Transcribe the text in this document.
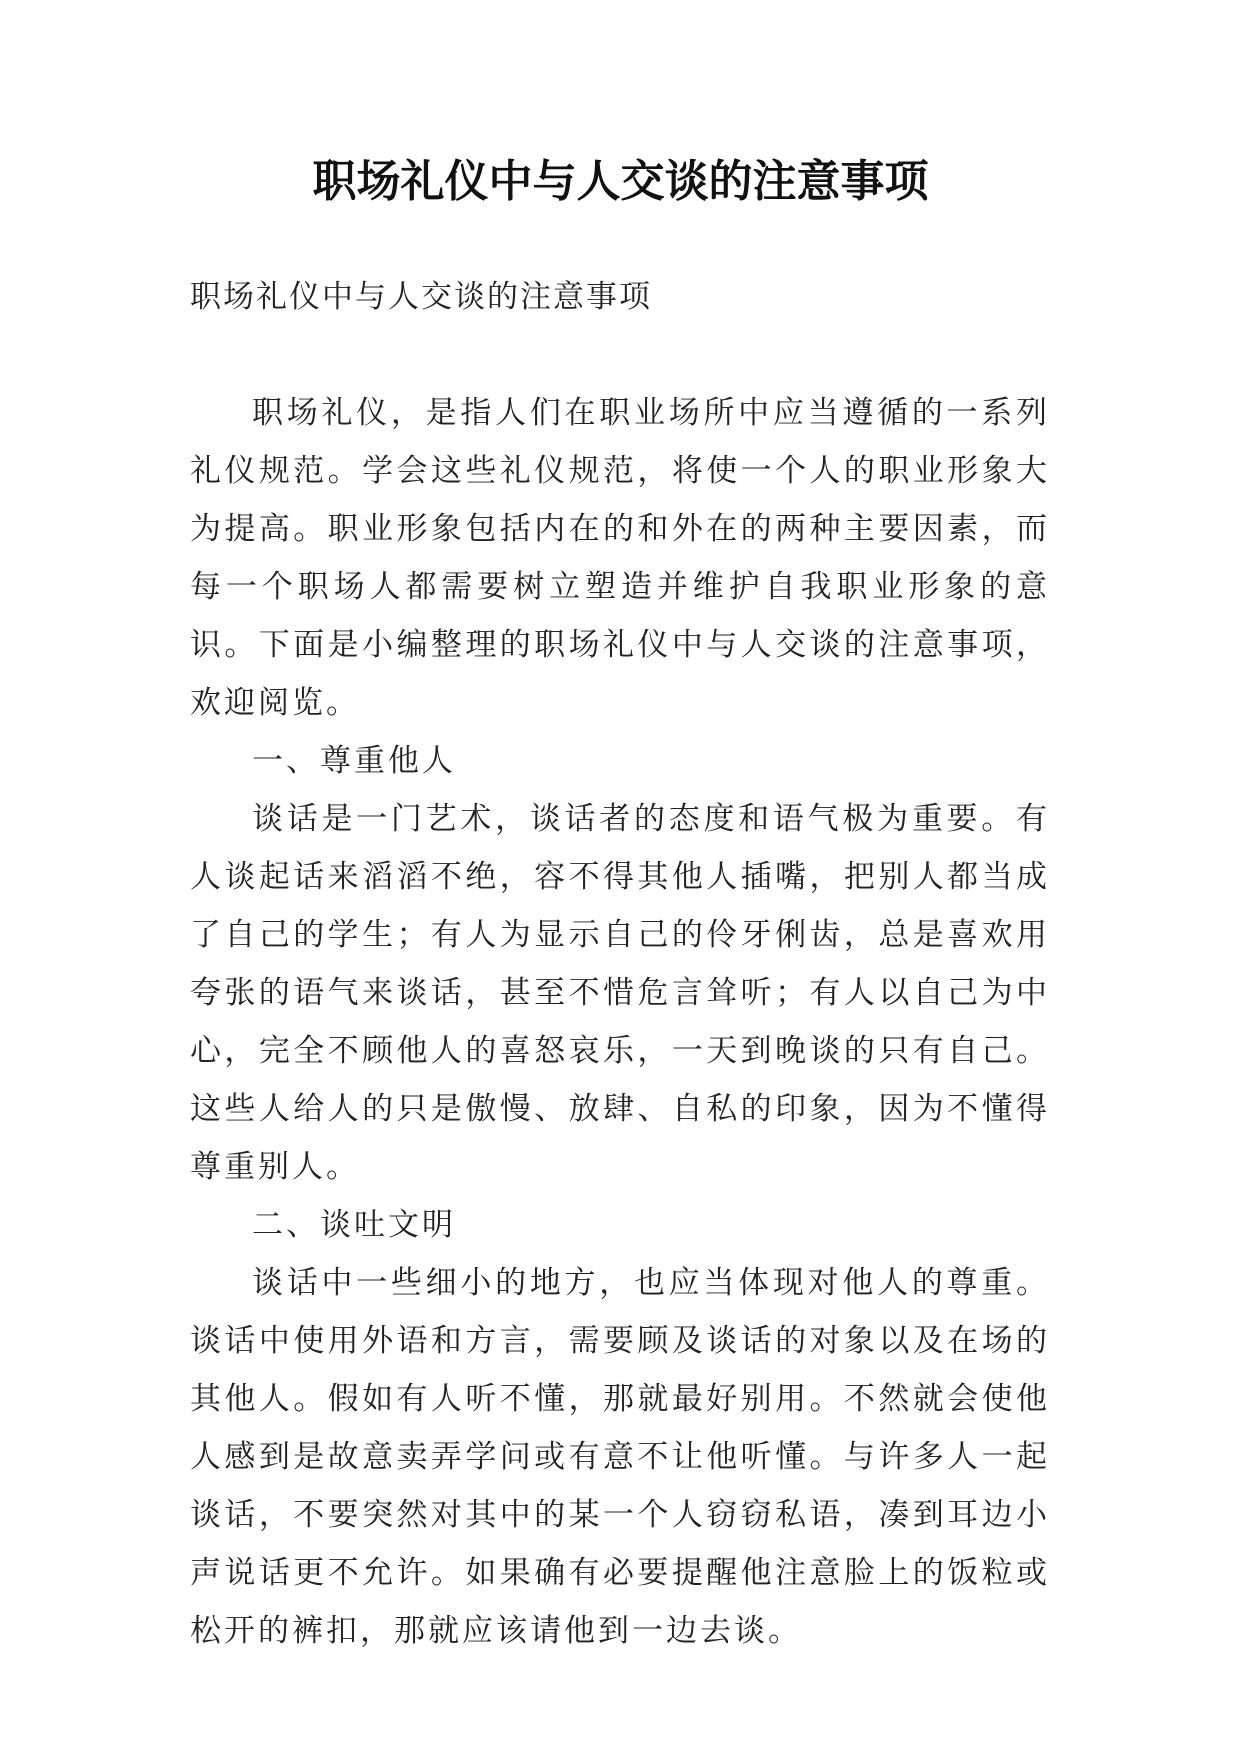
职场礼仪中与人交谈的注意事项

职场礼仪中与人交谈的注意事项

职场礼仪，是指人们在职业场所中应当遵循的一系列礼仪规范。学会这些礼仪规范，将使一个人的职业形象大为提高。职业形象包括内在的和外在的两种主要因素，而每一个职场人都需要树立塑造并维护自我职业形象的意识。下面是小编整理的职场礼仪中与人交谈的注意事项，欢迎阅览。

一、尊重他人

谈话是一门艺术，谈话者的态度和语气极为重要。有人谈起话来滔滔不绝，容不得其他人插嘴，把别人都当成了自己的学生；有人为显示自己的伶牙俐齿，总是喜欢用夸张的语气来谈话，甚至不惜危言耸听；有人以自己为中心，完全不顾他人的喜怒哀乐，一天到晚谈的只有自己。这些人给人的只是傲慢、放肆、自私的印象，因为不懂得尊重别人。

二、谈吐文明

谈话中一些细小的地方，也应当体现对他人的尊重。谈话中使用外语和方言，需要顾及谈话的对象以及在场的其他人。假如有人听不懂，那就最好别用。不然就会使他人感到是故意卖弄学问或有意不让他听懂。与许多人一起谈话，不要突然对其中的某一个人窃窃私语，凑到耳边小声说话更不允许。如果确有必要提醒他注意脸上的饭粒或松开的裤扣，那就应该请他到一边去谈。
